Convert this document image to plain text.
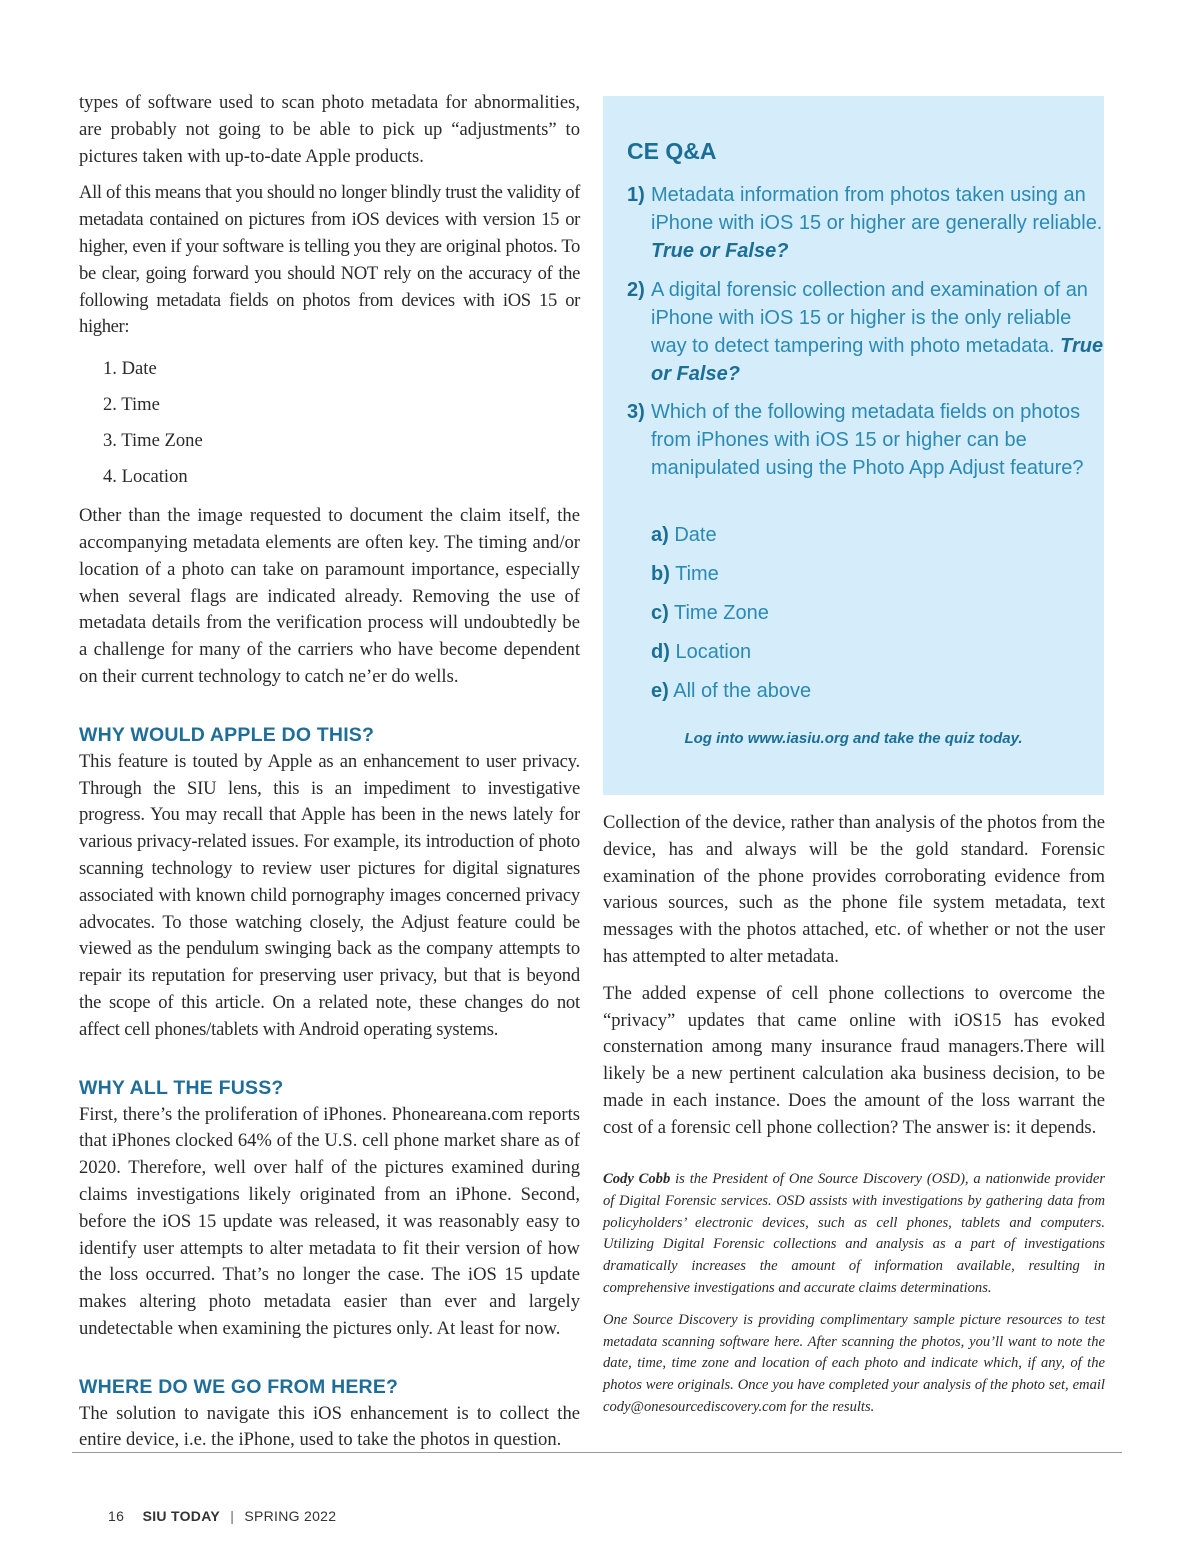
types of software used to scan photo metadata for abnormalities, are probably not going to be able to pick up “adjustments” to pictures taken with up-to-date Apple products.

All of this means that you should no longer blindly trust the validity of metadata contained on pictures from iOS devices with version 15 or higher, even if your software is telling you they are original photos. To be clear, going forward you should NOT rely on the accuracy of the following metadata fields on photos from devices with iOS 15 or higher:

1. Date
2. Time
3. Time Zone
4. Location

Other than the image requested to document the claim itself, the accompanying metadata elements are often key. The timing and/or location of a photo can take on paramount importance, especially when several flags are indicated already. Removing the use of metadata details from the verification process will undoubtedly be a challenge for many of the carriers who have become dependent on their current technology to catch ne’er do wells.

WHY WOULD APPLE DO THIS?

This feature is touted by Apple as an enhancement to user privacy. Through the SIU lens, this is an impediment to investigative progress. You may recall that Apple has been in the news lately for various privacy-related issues. For example, its introduction of photo scanning technology to review user pictures for digital signatures associated with known child pornography images concerned privacy advocates. To those watching closely, the Adjust feature could be viewed as the pendulum swinging back as the company attempts to repair its reputation for preserving user privacy, but that is beyond the scope of this article. On a related note, these changes do not affect cell phones/tablets with Android operating systems.

WHY ALL THE FUSS?

First, there’s the proliferation of iPhones. Phoneareana.com reports that iPhones clocked 64% of the U.S. cell phone market share as of 2020. Therefore, well over half of the pictures examined during claims investigations likely originated from an iPhone. Second, before the iOS 15 update was released, it was reasonably easy to identify user attempts to alter metadata to fit their version of how the loss occurred. That’s no longer the case. The iOS 15 update makes altering photo metadata easier than ever and largely undetectable when examining the pictures only. At least for now.

WHERE DO WE GO FROM HERE?

The solution to navigate this iOS enhancement is to collect the entire device, i.e. the iPhone, used to take the photos in question.

CE Q&A
1) Metadata information from photos taken using an iPhone with iOS 15 or higher are generally reliable. True or False?
2) A digital forensic collection and examination of an iPhone with iOS 15 or higher is the only reliable way to detect tampering with photo metadata. True or False?
3) Which of the following metadata fields on photos from iPhones with iOS 15 or higher can be manipulated using the Photo App Adjust feature?
a) Date
b) Time
c) Time Zone
d) Location
e) All of the above
Log into www.iasiu.org and take the quiz today.

Collection of the device, rather than analysis of the photos from the device, has and always will be the gold standard. Forensic examination of the phone provides corroborating evidence from various sources, such as the phone file system metadata, text messages with the photos attached, etc. of whether or not the user has attempted to alter metadata.

The added expense of cell phone collections to overcome the “privacy” updates that came online with iOS15 has evoked consternation among many insurance fraud managers.There will likely be a new pertinent calculation aka business decision, to be made in each instance. Does the amount of the loss warrant the cost of a forensic cell phone collection? The answer is: it depends.

Cody Cobb is the President of One Source Discovery (OSD), a nationwide provider of Digital Forensic services. OSD assists with investigations by gathering data from policyholders’ electronic devices, such as cell phones, tablets and computers. Utilizing Digital Forensic collections and analysis as a part of investigations dramatically increases the amount of information available, resulting in comprehensive investigations and accurate claims determinations.

One Source Discovery is providing complimentary sample picture resources to test metadata scanning software here. After scanning the photos, you’ll want to note the date, time, time zone and location of each photo and indicate which, if any, of the photos were originals. Once you have completed your analysis of the photo set, email cody@onesourcediscovery.com for the results.

16 SIU TODAY | SPRING 2022
